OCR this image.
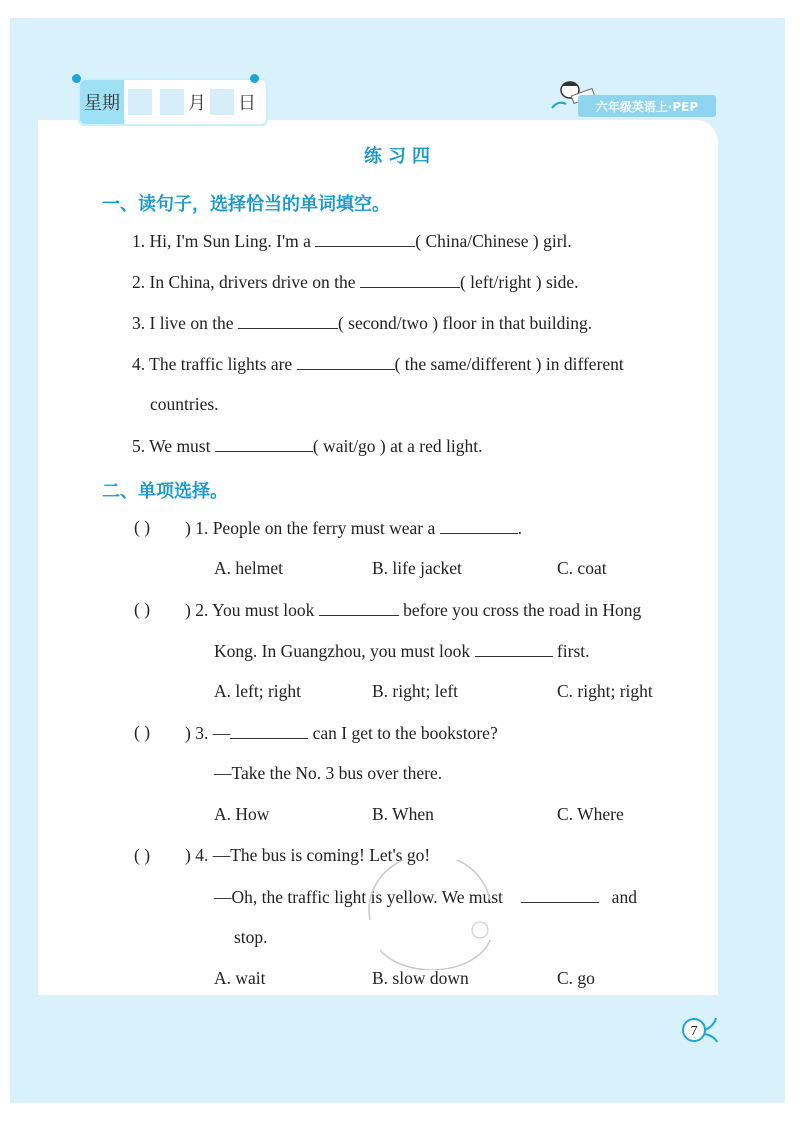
星期	月 日	六年级英语上·PEP
练习四
一、读句子，选择恰当的单词填空。
1. Hi, I'm Sun Ling. I'm a	( China/Chinese ) girl.
2. In China, drivers drive on the	( left/right ) side.
3. I live on the	( second/two ) floor in that building.
4. The traffic lights are	( the same/different ) in different
countries.
5. We must	( wait/go ) at a red light.
二、单项选择。
( ) ) 1. People on the ferry must wear a	.
A. helmet	B. life jacket	C. coat
( ) ) 2. You must look	before you cross the road in Hong
Kong. In Guangzhou, you must look	first.
A. left; right	B. right; left	C. right; right
( ) ) 3. —	can I get to the bookstore?
—Take the No. 3 bus over there.
A. How	B. When	C. Where
( ) ) 4. —The bus is coming! Let's go!
—Oh, the traffic light is yellow. We must	and
stop.
A. wait	B. slow down	C. go
7
